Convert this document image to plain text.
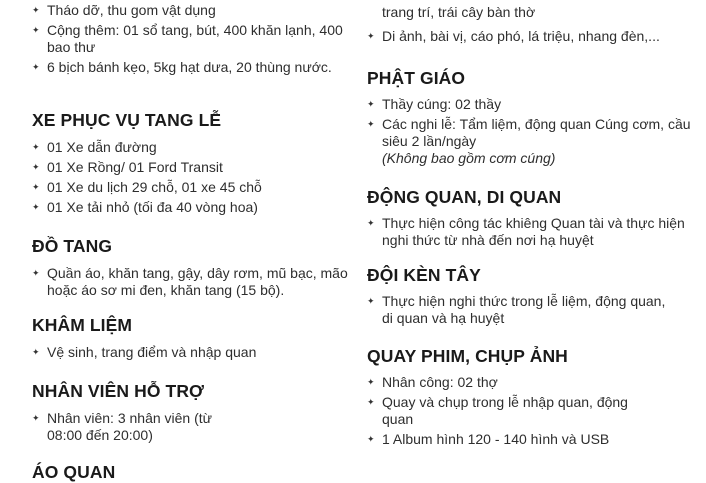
✦ Tháo dỡ, thu gom vật dụng
✦ Cộng thêm: 01 sổ tang, bút, 400 khăn lạnh, 400 bao thư
✦ 6 bịch bánh kẹo, 5kg hạt dưa, 20 thùng nước.
XE PHỤC VỤ TANG LỄ
✦ 01 Xe dẫn đường
✦ 01 Xe Rồng/ 01 Ford Transit
✦ 01 Xe du lịch 29 chỗ, 01 xe 45 chỗ
✦ 01 Xe tải nhỏ (tối đa 40 vòng hoa)
ĐỒ TANG
✦ Quần áo, khăn tang, gậy, dây rơm, mũ bạc, mão hoặc áo sơ mi đen, khăn tang (15 bộ).
KHÂM LIỆM
✦ Vệ sinh, trang điểm và nhập quan
NHÂN VIÊN HỖ TRỢ
✦ Nhân viên: 3 nhân viên (từ 08:00 đến 20:00)
ÁO QUAN
trang trí, trái cây bàn thờ
✦ Di ảnh, bài vị, cáo phó, lá triệu, nhang đèn,...
PHẬT GIÁO
✦ Thầy cúng: 02 thầy
✦ Các nghi lễ: Tẩm liệm, động quan Cúng cơm, cầu siêu 2 lần/ngày
(Không bao gồm cơm cúng)
ĐỘNG QUAN, DI QUAN
✦ Thực hiện công tác khiêng Quan tài và thực hiện nghi thức từ nhà đến nơi hạ huyệt
ĐỘI KÈN TÂY
✦ Thực hiện nghi thức trong lễ liệm, động quan, di quan và hạ huyệt
QUAY PHIM, CHỤP ẢNH
✦ Nhân công: 02 thợ
✦ Quay và chụp trong lễ nhập quan, động quan
✦ 1 Album hình 120 - 140 hình và USB
